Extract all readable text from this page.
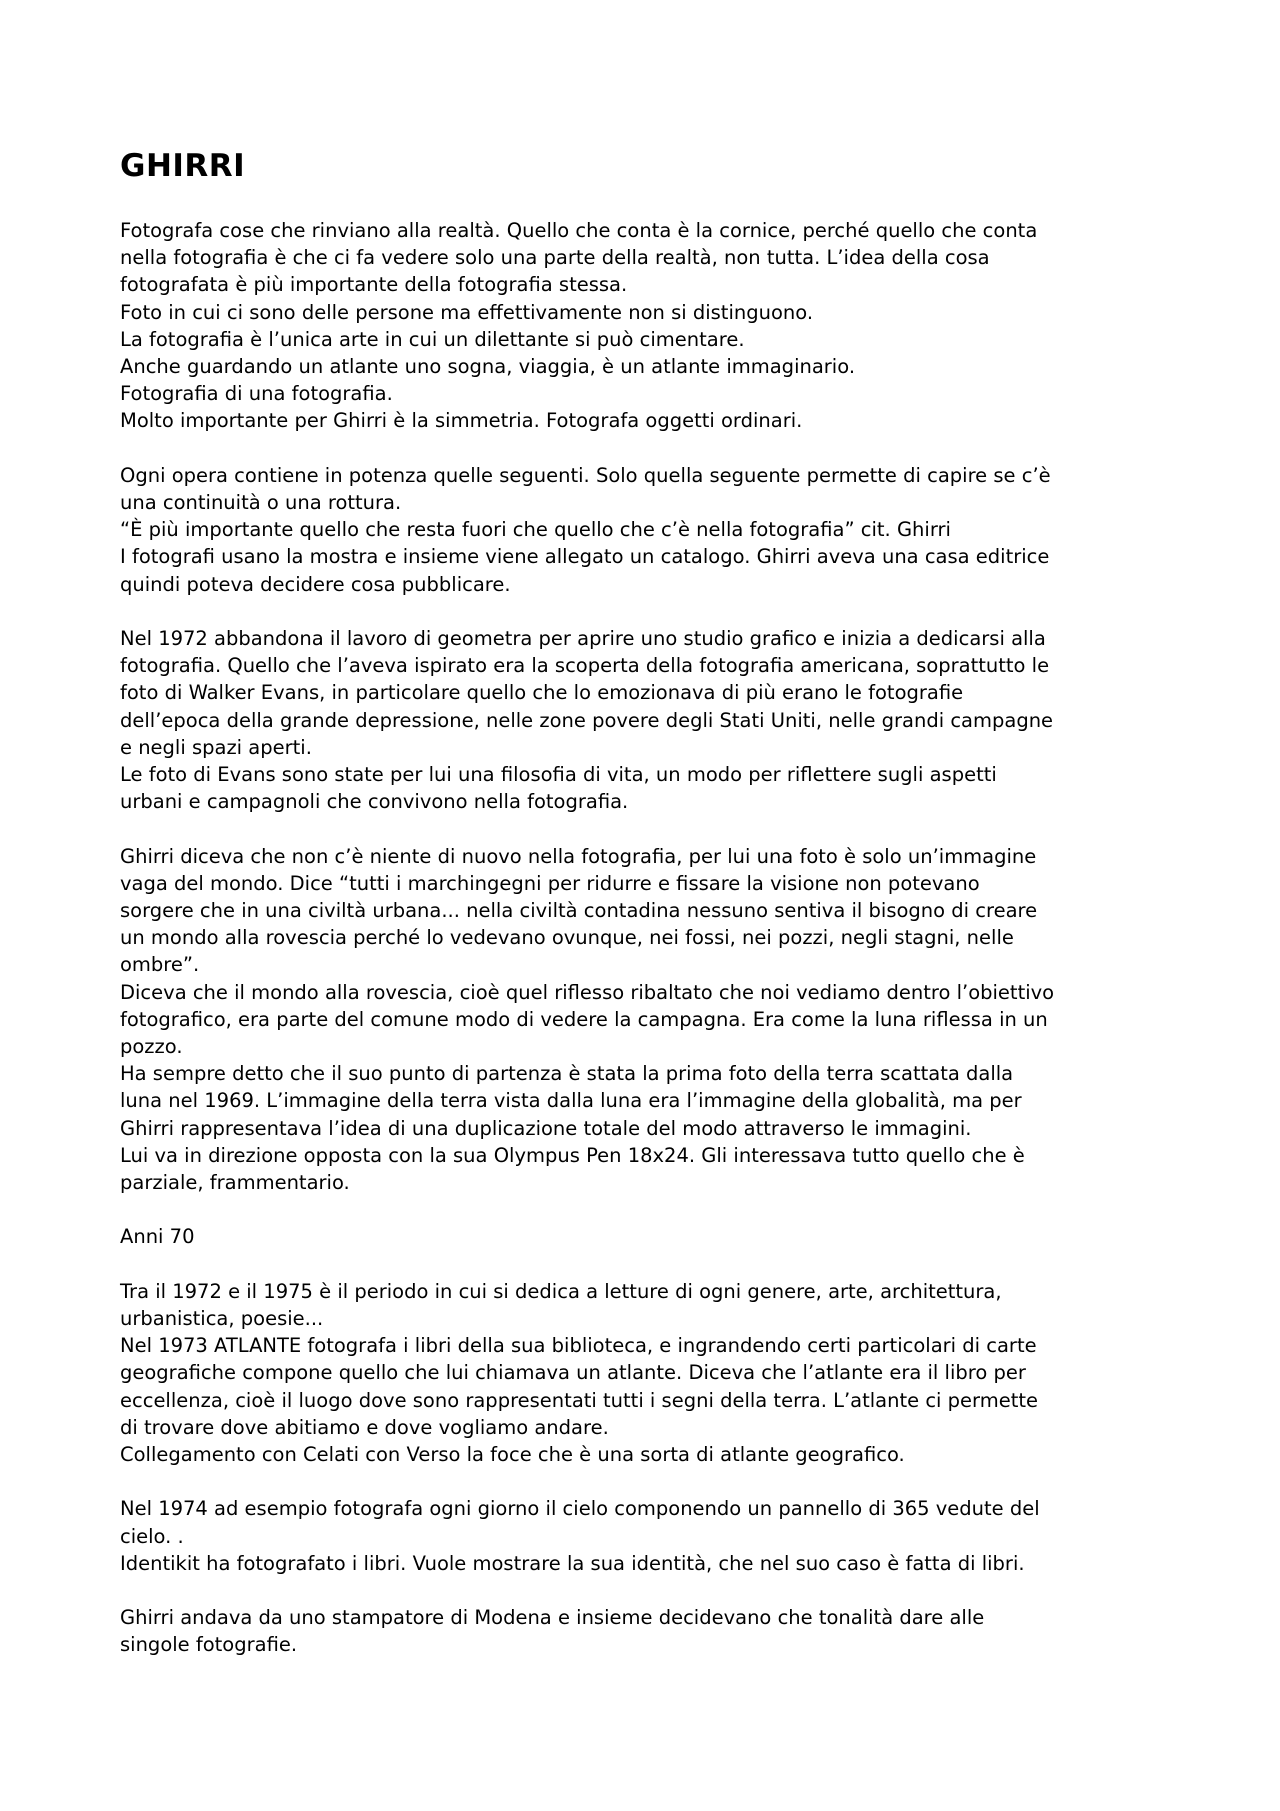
GHIRRI
Fotografa cose che rinviano alla realtà. Quello che conta è la cornice, perché quello che conta
nella fotografia è che ci fa vedere solo una parte della realtà, non tutta. L’idea della cosa
fotografata è più importante della fotografia stessa.
Foto in cui ci sono delle persone ma effettivamente non si distinguono.
La fotografia è l’unica arte in cui un dilettante si può cimentare.
Anche guardando un atlante uno sogna, viaggia, è un atlante immaginario.
Fotografia di una fotografia.
Molto importante per Ghirri è la simmetria. Fotografa oggetti ordinari.
Ogni opera contiene in potenza quelle seguenti. Solo quella seguente permette di capire se c’è
una continuità o una rottura.
“È più importante quello che resta fuori che quello che c’è nella fotografia” cit. Ghirri
I fotografi usano la mostra e insieme viene allegato un catalogo. Ghirri aveva una casa editrice
quindi poteva decidere cosa pubblicare.
Nel 1972 abbandona il lavoro di geometra per aprire uno studio grafico e inizia a dedicarsi alla
fotografia. Quello che l’aveva ispirato era la scoperta della fotografia americana, soprattutto le
foto di Walker Evans, in particolare quello che lo emozionava di più erano le fotografie
dell’epoca della grande depressione, nelle zone povere degli Stati Uniti, nelle grandi campagne
e negli spazi aperti.
Le foto di Evans sono state per lui una filosofia di vita, un modo per riflettere sugli aspetti
urbani e campagnoli che convivono nella fotografia.
Ghirri diceva che non c’è niente di nuovo nella fotografia, per lui una foto è solo un’immagine
vaga del mondo. Dice “tutti i marchingegni per ridurre e fissare la visione non potevano
sorgere che in una civiltà urbana... nella civiltà contadina nessuno sentiva il bisogno di creare
un mondo alla rovescia perché lo vedevano ovunque, nei fossi, nei pozzi, negli stagni, nelle
ombre”.
Diceva che il mondo alla rovescia, cioè quel riflesso ribaltato che noi vediamo dentro l’obiettivo
fotografico, era parte del comune modo di vedere la campagna. Era come la luna riflessa in un
pozzo.
Ha sempre detto che il suo punto di partenza è stata la prima foto della terra scattata dalla
luna nel 1969. L’immagine della terra vista dalla luna era l’immagine della globalità, ma per
Ghirri rappresentava l’idea di una duplicazione totale del modo attraverso le immagini.
Lui va in direzione opposta con la sua Olympus Pen 18x24. Gli interessava tutto quello che è
parziale, frammentario.
Anni 70
Tra il 1972 e il 1975 è il periodo in cui si dedica a letture di ogni genere, arte, architettura,
urbanistica, poesie...
Nel 1973 ATLANTE fotografa i libri della sua biblioteca, e ingrandendo certi particolari di carte
geografiche compone quello che lui chiamava un atlante. Diceva che l’atlante era il libro per
eccellenza, cioè il luogo dove sono rappresentati tutti i segni della terra. L’atlante ci permette
di trovare dove abitiamo e dove vogliamo andare.
Collegamento con Celati con Verso la foce che è una sorta di atlante geografico.
Nel 1974 ad esempio fotografa ogni giorno il cielo componendo un pannello di 365 vedute del
cielo. .
Identikit ha fotografato i libri. Vuole mostrare la sua identità, che nel suo caso è fatta di libri.
Ghirri andava da uno stampatore di Modena e insieme decidevano che tonalità dare alle
singole fotografie.
